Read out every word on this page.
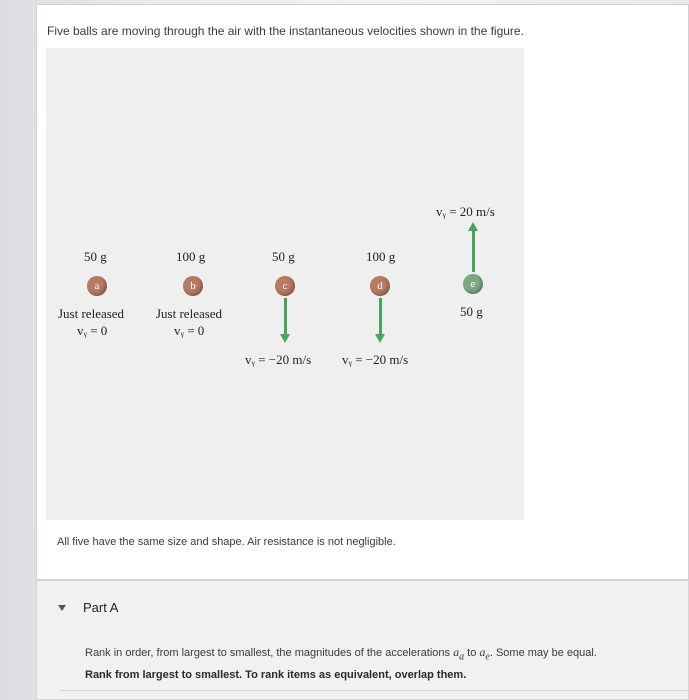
Five balls are moving through the air with the instantaneous velocities shown in the figure.
50 g
a
Just released
vᵧ = 0
100 g
b
Just released
vᵧ = 0
50 g
c
vᵧ = −20 m/s
100 g
d
vᵧ = −20 m/s
vᵧ = 20 m/s
e
50 g
All five have the same size and shape. Air resistance is not negligible.
Part A
Rank in order, from largest to smallest, the magnitudes of the accelerations $a_a$ to $a_e$. Some may be equal.
Rank from largest to smallest. To rank items as equivalent, overlap them.
